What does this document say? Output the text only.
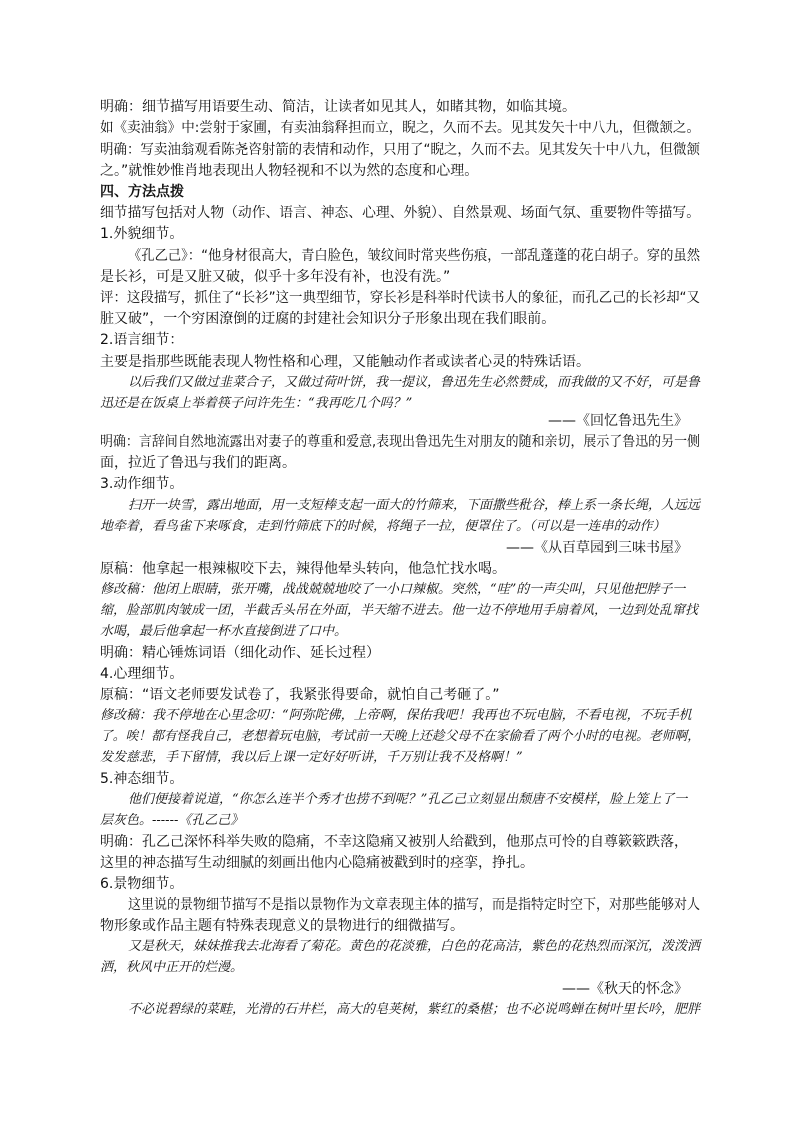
明确：细节描写用语要生动、简洁，让读者如见其人，如睹其物，如临其境。
如《卖油翁》中:尝射于家圃，有卖油翁释担而立，睨之，久而不去。见其发矢十中八九，但微颔之。
明确：写卖油翁观看陈尧咨射箭的表情和动作，只用了“睨之，久而不去。见其发矢十中八九，但微颔
之。”就惟妙惟肖地表现出人物轻视和不以为然的态度和心理。
四、方法点拨
细节描写包括对人物（动作、语言、神态、心理、外貌）、自然景观、场面气氛、重要物件等描写。
1.外貌细节。
《孔乙己》：“他身材很高大，青白脸色，皱纹间时常夹些伤痕，一部乱蓬蓬的花白胡子。穿的虽然
是长衫，可是又脏又破，似乎十多年没有补，也没有洗。”
评：这段描写，抓住了“长衫”这一典型细节，穿长衫是科举时代读书人的象征，而孔乙己的长衫却“又
脏又破”，一个穷困潦倒的迂腐的封建社会知识分子形象出现在我们眼前。
2.语言细节：
主要是指那些既能表现人物性格和心理，又能触动作者或读者心灵的特殊话语。
以后我们又做过韭菜合子，又做过荷叶饼，我一提议，鲁迅先生必然赞成，而我做的又不好，可是鲁
迅还是在饭桌上举着筷子问许先生：“我再吃几个吗？”
——《回忆鲁迅先生》
明确：言辞间自然地流露出对妻子的尊重和爱意,表现出鲁迅先生对朋友的随和亲切，展示了鲁迅的另一侧
面，拉近了鲁迅与我们的距离。
3.动作细节。
扫开一块雪，露出地面，用一支短棒支起一面大的竹筛来，下面撒些秕谷，棒上系一条长绳，人远远
地牵着，看鸟雀下来啄食，走到竹筛底下的时候，将绳子一拉，便罩住了。（可以是一连串的动作）
——《从百草园到三味书屋》
原稿：他拿起一根辣椒咬下去，辣得他晕头转向，他急忙找水喝。
修改稿：他闭上眼睛，张开嘴，战战兢兢地咬了一小口辣椒。突然，“哇”的一声尖叫，只见他把脖子一
缩，脸部肌肉皱成一团，半截舌头吊在外面，半天缩不进去。他一边不停地用手扇着风，一边到处乱窜找
水喝，最后他拿起一杯水直接倒进了口中。
明确：精心锤炼词语（细化动作、延长过程）
4.心理细节。
原稿：“语文老师要发试卷了，我紧张得要命，就怕自己考砸了。”
修改稿：我不停地在心里念叨：“阿弥陀佛，上帝啊，保佑我吧！我再也不玩电脑，不看电视，不玩手机
了。唉！都有怪我自己，老想着玩电脑，考试前一天晚上还趁父母不在家偷看了两个小时的电视。老师啊，
发发慈悲，手下留情，我以后上课一定好好听讲，千万别让我不及格啊！”
5.神态细节。
他们便接着说道，“你怎么连半个秀才也捞不到呢？”孔乙己立刻显出颓唐不安模样，脸上笼上了一
层灰色。------《孔乙己》
明确：孔乙己深怀科举失败的隐痛，不幸这隐痛又被别人给戳到，他那点可怜的自尊簌簌跌落，
这里的神态描写生动细腻的刻画出他内心隐痛被戳到时的痉挛，挣扎。
6.景物细节。
这里说的景物细节描写不是指以景物作为文章表现主体的描写，而是指特定时空下，对那些能够对人
物形象或作品主题有特殊表现意义的景物进行的细微描写。
又是秋天，妹妹推我去北海看了菊花。黄色的花淡雅，白色的花高洁，紫色的花热烈而深沉，泼泼洒
洒，秋风中正开的烂漫。
——《秋天的怀念》
不必说碧绿的菜畦，光滑的石井栏，高大的皂荚树，紫红的桑椹；也不必说鸣蝉在树叶里长吟，肥胖
